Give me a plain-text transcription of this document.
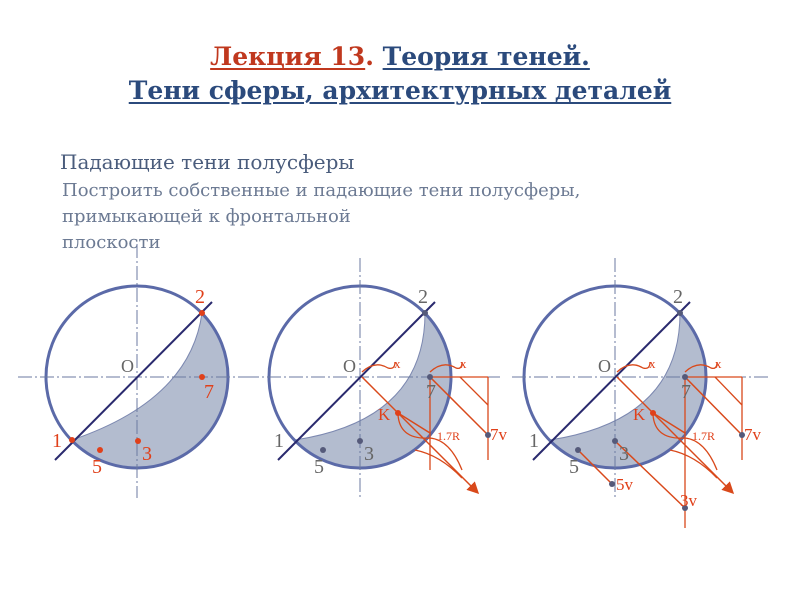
Лекция 13. Теория теней.
Тени сферы, архитектурных деталей
Падающие тени полусферы
Построить собственные и падающие тени полусферы,
примыкающей к фронтальной
плоскости
1
2
3
5
7
O
1
2
3
5
7
O	x	x
K
1.7R 7v 1
2
3
5
7
O	x	x
K
1.7R 7v
5v
3v
